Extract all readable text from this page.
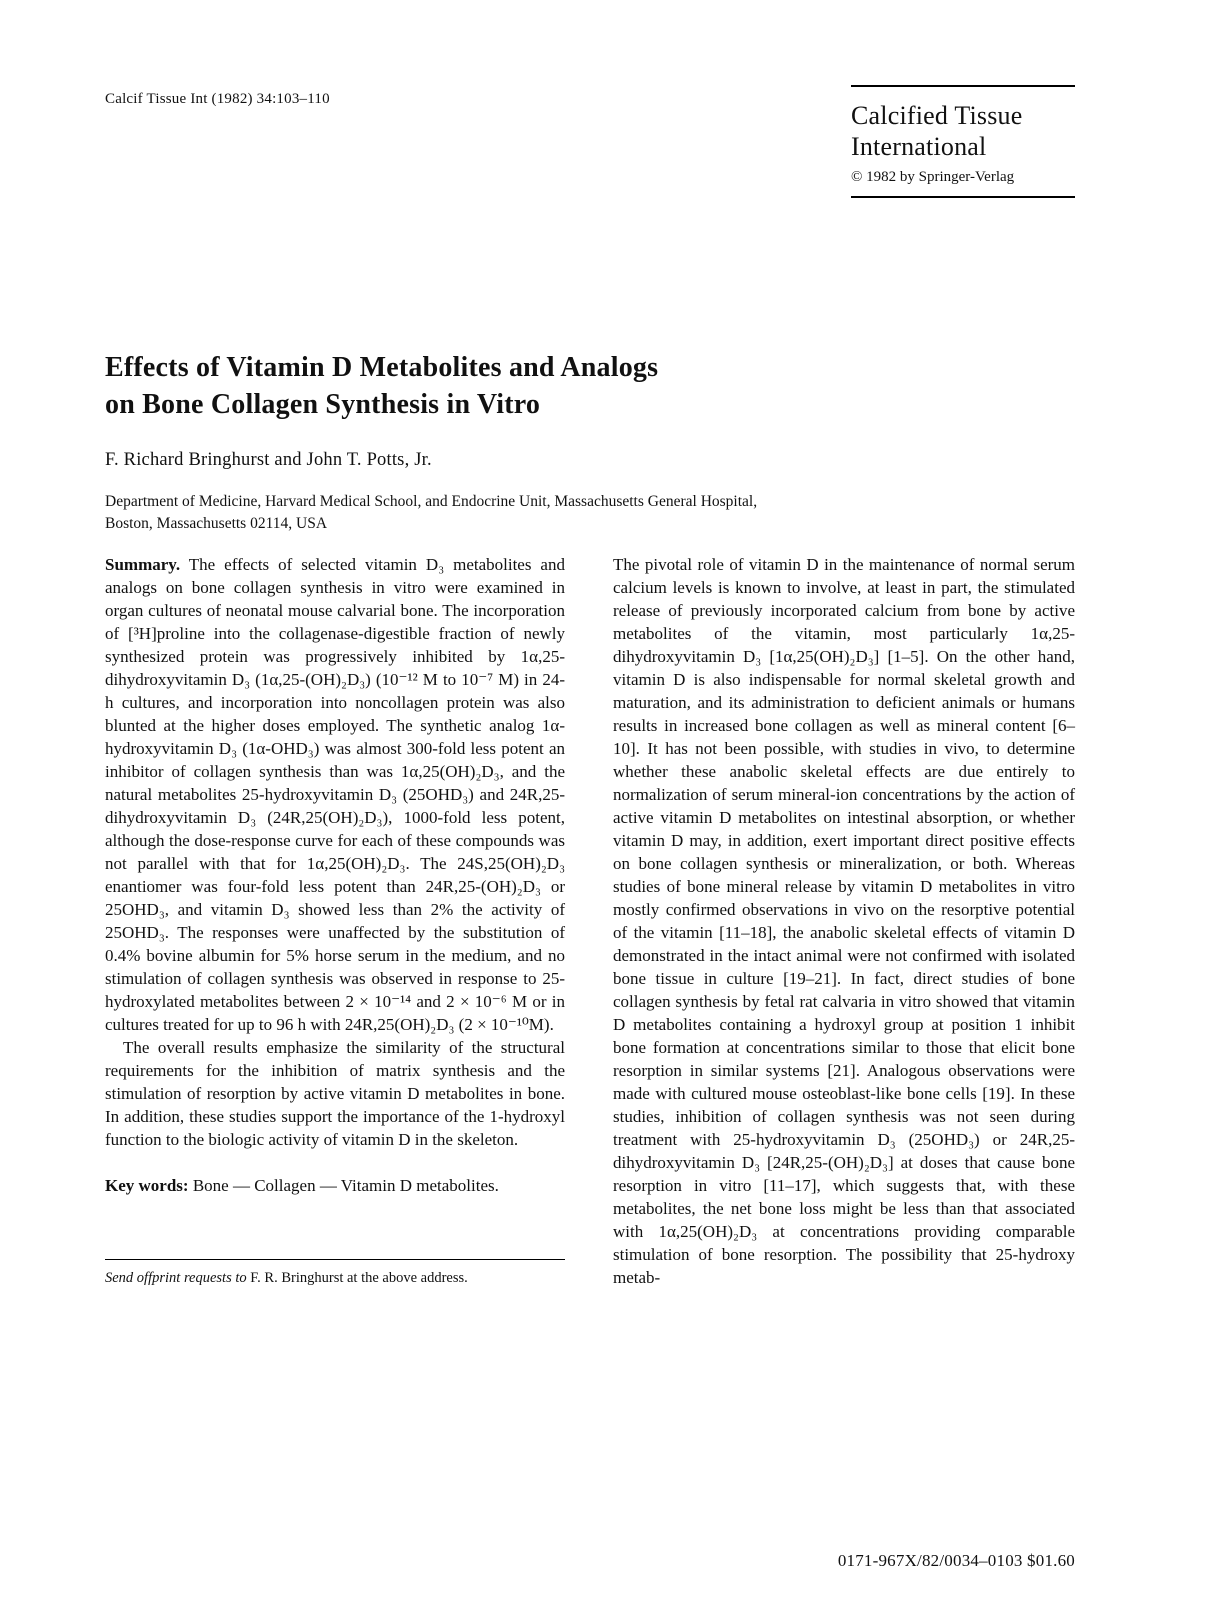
Calcif Tissue Int (1982) 34:103–110
Calcified Tissue
International
© 1982 by Springer-Verlag
Effects of Vitamin D Metabolites and Analogs
on Bone Collagen Synthesis in Vitro
F. Richard Bringhurst and John T. Potts, Jr.
Department of Medicine, Harvard Medical School, and Endocrine Unit, Massachusetts General Hospital,
Boston, Massachusetts 02114, USA

Summary. The effects of selected vitamin D₃ metabolites and analogs on bone collagen synthesis in vitro were examined in organ cultures of neonatal mouse calvarial bone. The incorporation of [³H]proline into the collagenase-digestible fraction of newly synthesized protein was progressively inhibited by 1α,25-dihydroxyvitamin D₃ (1α,25-(OH)₂D₃) (10⁻¹² M to 10⁻⁷ M) in 24-h cultures, and incorporation into noncollagen protein was also blunted at the higher doses employed. The synthetic analog 1α-hydroxyvitamin D₃ (1α-OHD₃) was almost 300-fold less potent an inhibitor of collagen synthesis than was 1α,25(OH)₂D₃, and the natural metabolites 25-hydroxyvitamin D₃ (25OHD₃) and 24R,25-dihydroxyvitamin D₃ (24R,25(OH)₂D₃), 1000-fold less potent, although the dose-response curve for each of these compounds was not parallel with that for 1α,25(OH)₂D₃. The 24S,25(OH)₂D₃ enantiomer was four-fold less potent than 24R,25-(OH)₂D₃ or 25OHD₃, and vitamin D₃ showed less than 2% the activity of 25OHD₃. The responses were unaffected by the substitution of 0.4% bovine albumin for 5% horse serum in the medium, and no stimulation of collagen synthesis was observed in response to 25-hydroxylated metabolites between 2 × 10⁻¹⁴ and 2 × 10⁻⁶ M or in cultures treated for up to 96 h with 24R,25(OH)₂D₃ (2 × 10⁻¹⁰M).

The overall results emphasize the similarity of the structural requirements for the inhibition of matrix synthesis and the stimulation of resorption by active vitamin D metabolites in bone. In addition, these studies support the importance of the 1-hydroxyl function to the biologic activity of vitamin D in the skeleton.

Key words: Bone — Collagen — Vitamin D metabolites.

Send offprint requests to F. R. Bringhurst at the above address.

The pivotal role of vitamin D in the maintenance of normal serum calcium levels is known to involve, at least in part, the stimulated release of previously incorporated calcium from bone by active metabolites of the vitamin, most particularly 1α,25-dihydroxyvitamin D₃ [1α,25(OH)₂D₃] [1–5]. On the other hand, vitamin D is also indispensable for normal skeletal growth and maturation, and its administration to deficient animals or humans results in increased bone collagen as well as mineral content [6–10]. It has not been possible, with studies in vivo, to determine whether these anabolic skeletal effects are due entirely to normalization of serum mineral-ion concentrations by the action of active vitamin D metabolites on intestinal absorption, or whether vitamin D may, in addition, exert important direct positive effects on bone collagen synthesis or mineralization, or both. Whereas studies of bone mineral release by vitamin D metabolites in vitro mostly confirmed observations in vivo on the resorptive potential of the vitamin [11–18], the anabolic skeletal effects of vitamin D demonstrated in the intact animal were not confirmed with isolated bone tissue in culture [19–21]. In fact, direct studies of bone collagen synthesis by fetal rat calvaria in vitro showed that vitamin D metabolites containing a hydroxyl group at position 1 inhibit bone formation at concentrations similar to those that elicit bone resorption in similar systems [21]. Analogous observations were made with cultured mouse osteoblast-like bone cells [19]. In these studies, inhibition of collagen synthesis was not seen during treatment with 25-hydroxyvitamin D₃ (25OHD₃) or 24R,25-dihydroxyvitamin D₃ [24R,25-(OH)₂D₃] at doses that cause bone resorption in vitro [11–17], which suggests that, with these metabolites, the net bone loss might be less than that associated with 1α,25(OH)₂D₃ at concentrations providing comparable stimulation of bone resorption. The possibility that 25-hydroxy metab-

0171-967X/82/0034–0103 $01.60
